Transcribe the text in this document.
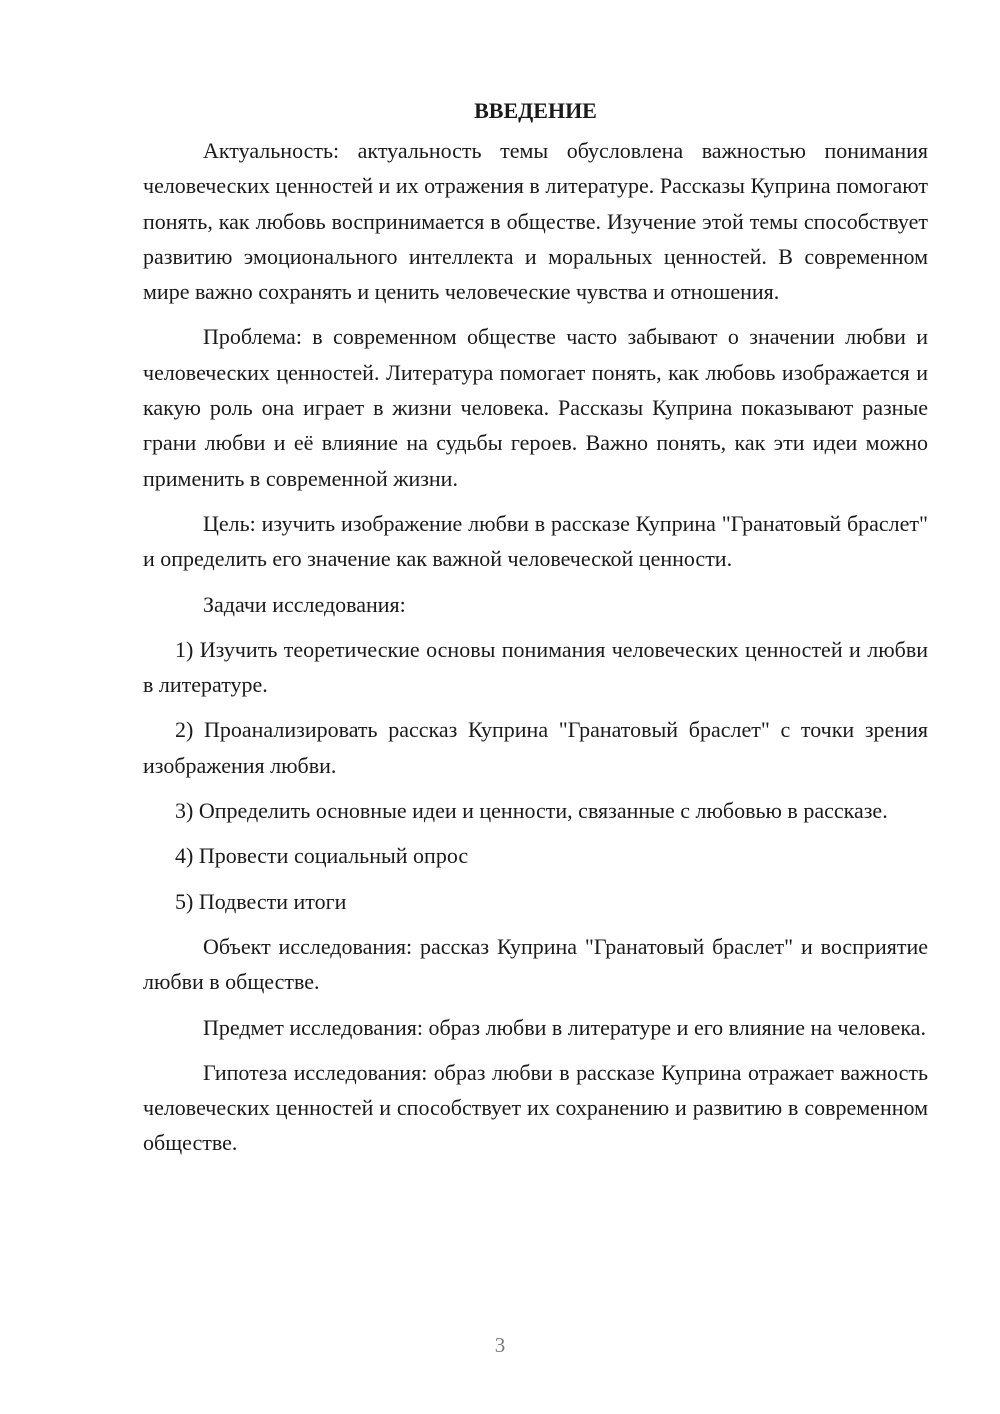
ВВЕДЕНИЕ

Актуальность: актуальность темы обусловлена важностью понимания человеческих ценностей и их отражения в литературе. Рассказы Куприна помогают понять, как любовь воспринимается в обществе. Изучение этой темы способствует развитию эмоционального интеллекта и моральных ценностей. В современном мире важно сохранять и ценить человеческие чувства и отношения.

Проблема: в современном обществе часто забывают о значении любви и человеческих ценностей. Литература помогает понять, как любовь изображается и какую роль она играет в жизни человека. Рассказы Куприна показывают разные грани любви и её влияние на судьбы героев. Важно понять, как эти идеи можно применить в современной жизни.

Цель: изучить изображение любви в рассказе Куприна "Гранатовый браслет" и определить его значение как важной человеческой ценности.

Задачи исследования:

1) Изучить теоретические основы понимания человеческих ценностей и любви в литературе.

2) Проанализировать рассказ Куприна "Гранатовый браслет" с точки зрения изображения любви.

3) Определить основные идеи и ценности, связанные с любовью в рассказе.

4) Провести социальный опрос

5) Подвести итоги

Объект исследования: рассказ Куприна "Гранатовый браслет" и восприятие любви в обществе.

Предмет исследования: образ любви в литературе и его влияние на человека.

Гипотеза исследования: образ любви в рассказе Куприна отражает важность человеческих ценностей и способствует их сохранению и развитию в современном обществе.

3
